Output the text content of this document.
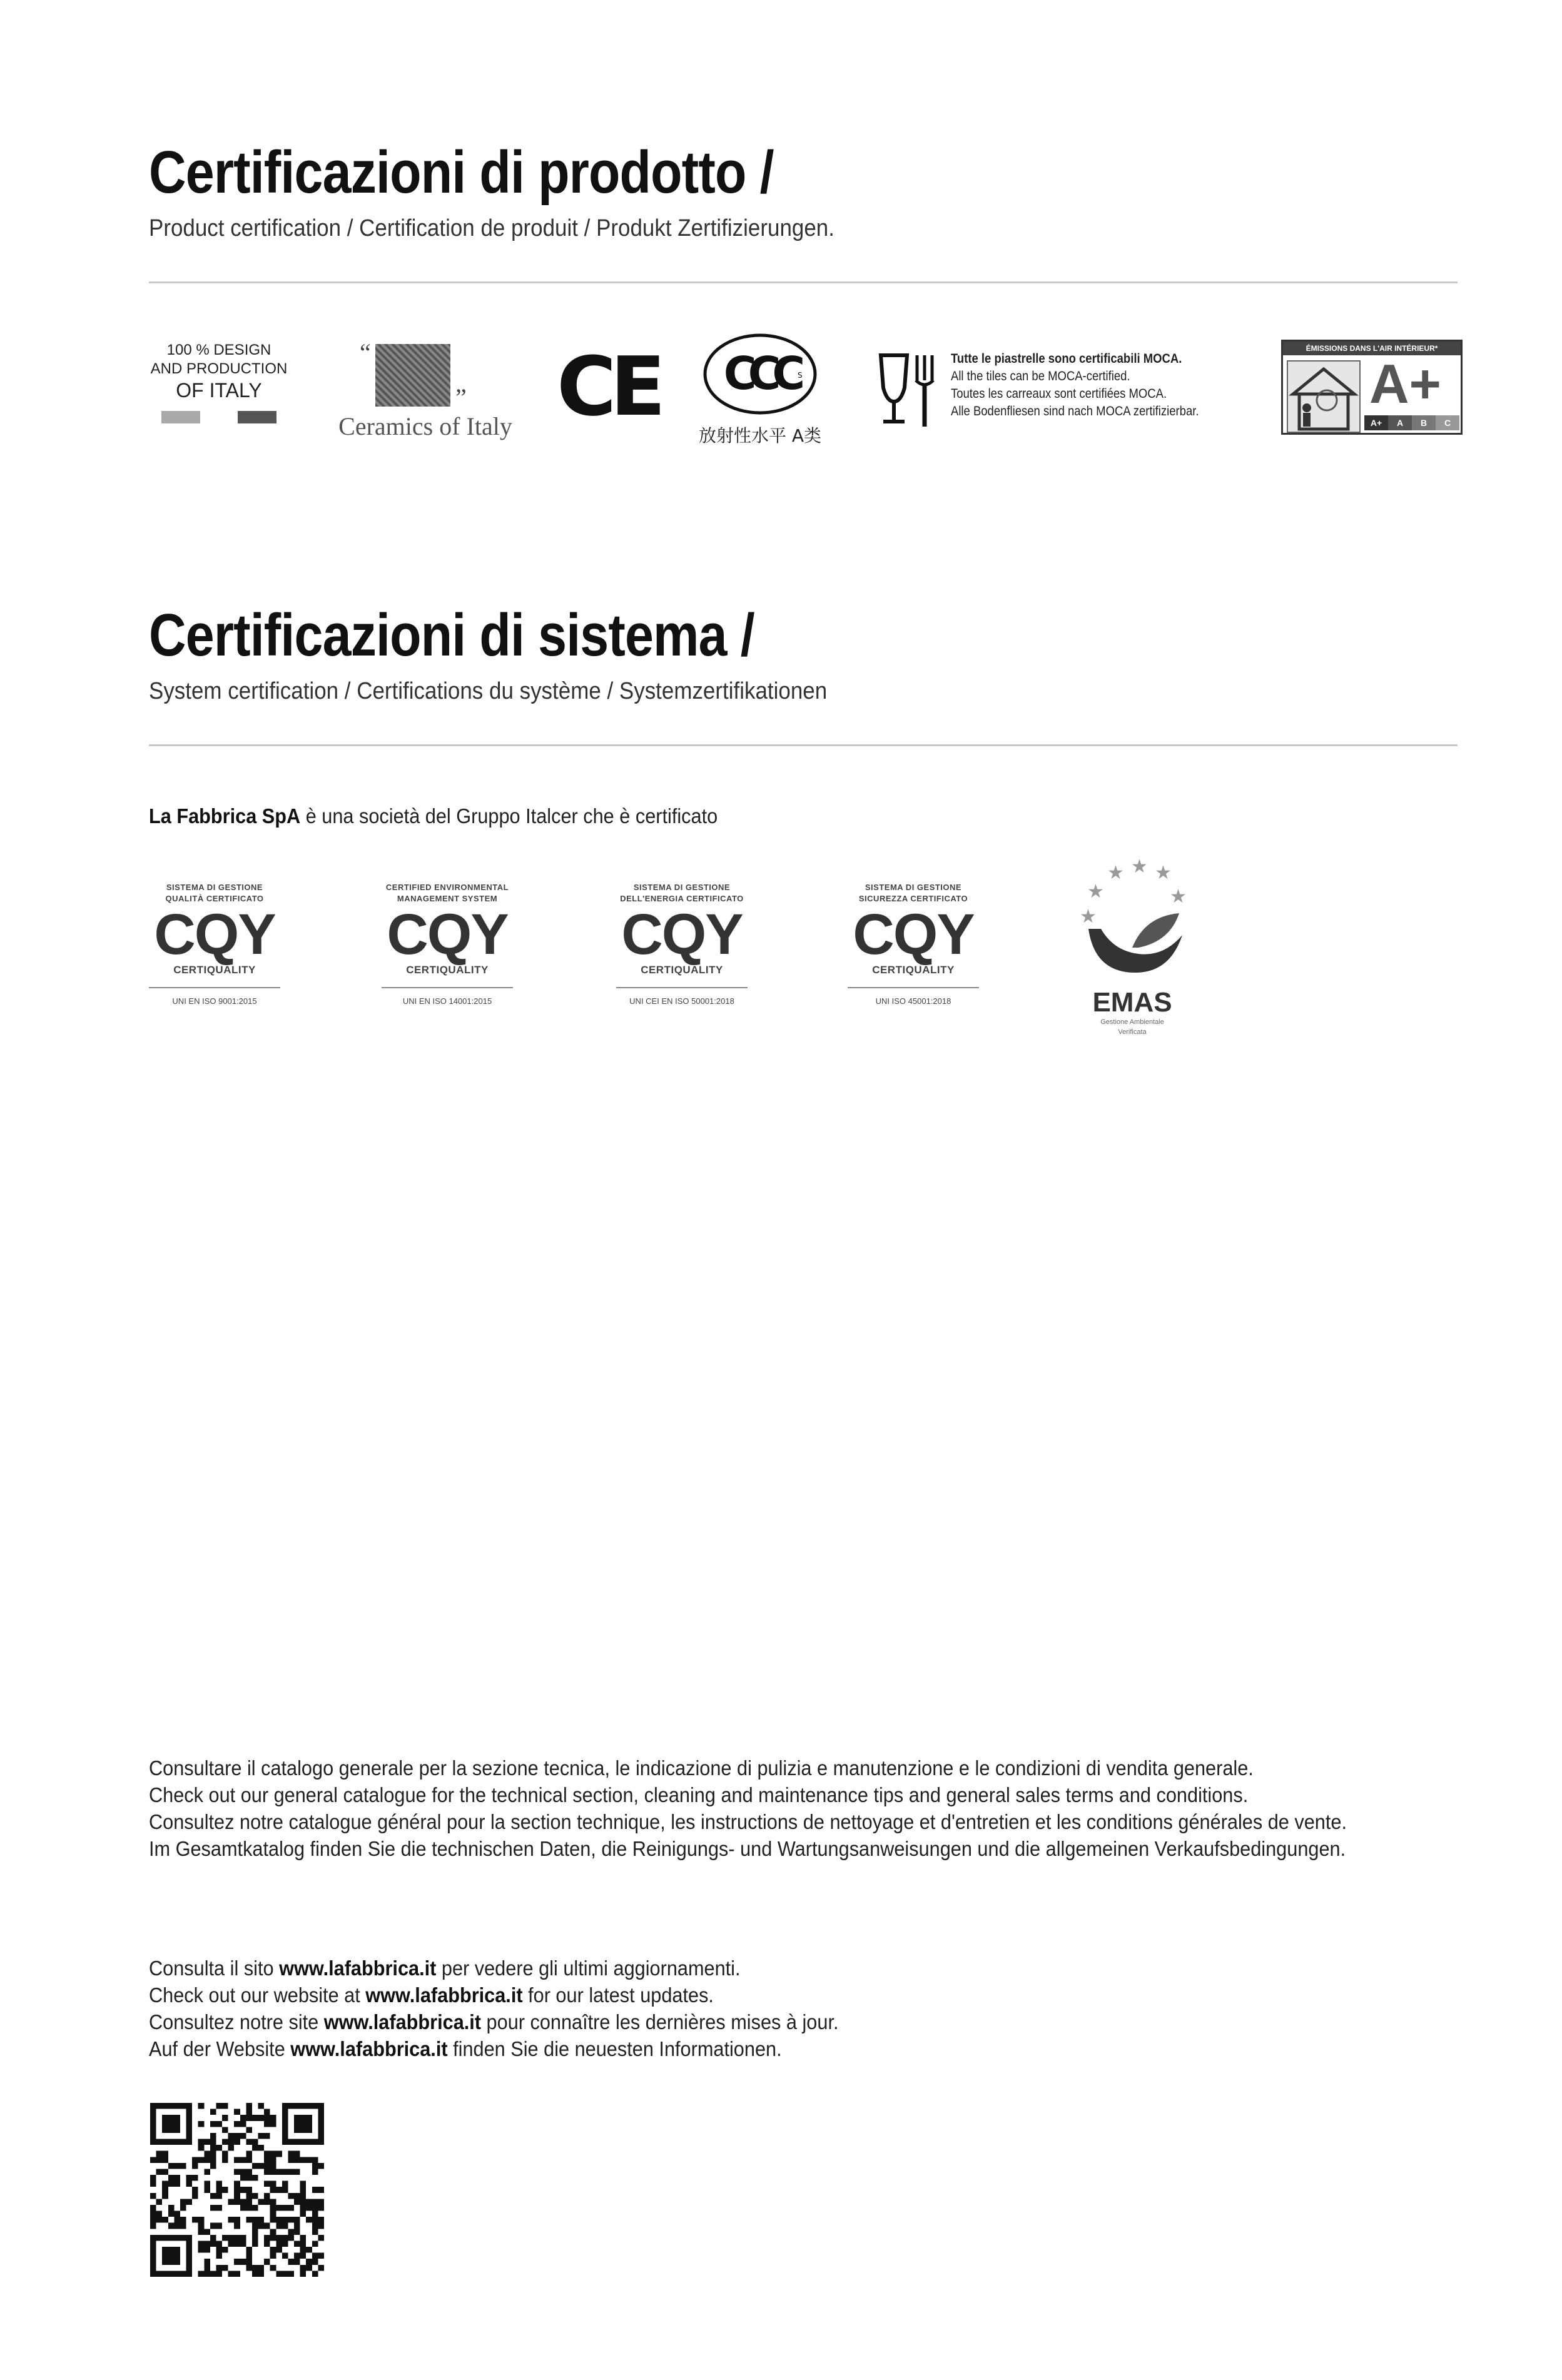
Certificazioni di prodotto /
Product certification / Certification de produit / Produkt Zertifizierungen.
100 % DESIGN
AND PRODUCTION
OF ITALY
“
”
Ceramics of Italy CE CCC S
放射性水平 A类
Tutte le piastrelle sono certificabili MOCA.
All the tiles can be MOCA-certified.
Toutes les carreaux sont certifiées MOCA.
Alle Bodenfliesen sind nach MOCA zertifizierbar.
ÉMISSIONS DANS L'AIR INTÉRIEUR*
A+
A+	A	B	C
Certificazioni di sistema /
System certification / Certifications du système / Systemzertifikationen
La Fabbrica SpA è una società del Gruppo Italcer che è certificato
SISTEMA DI GESTIONE
QUALITÀ CERTIFICATO
CQY
CERTIQUALITY
UNI EN ISO 9001:2015
CERTIFIED ENVIRONMENTAL
MANAGEMENT SYSTEM
CQY
CERTIQUALITY
UNI EN ISO 14001:2015
SISTEMA DI GESTIONE
DELL'ENERGIA CERTIFICATO
CQY
CERTIQUALITY
UNI CEI EN ISO 50001:2018
SISTEMA DI GESTIONE
SICUREZZA CERTIFICATO
CQY
CERTIQUALITY
UNI ISO 45001:2018
★ ★ ★
★	★
★
EMAS
Gestione Ambientale
Verificata
Consultare il catalogo generale per la sezione tecnica, le indicazione di pulizia e manutenzione e le condizioni di vendita generale.
Check out our general catalogue for the technical section, cleaning and maintenance tips and general sales terms and conditions.
Consultez notre catalogue général pour la section technique, les instructions de nettoyage et d'entretien et les conditions générales de vente.
Im Gesamtkatalog finden Sie die technischen Daten, die Reinigungs- und Wartungsanweisungen und die allgemeinen Verkaufsbedingungen.
Consulta il sito www.lafabbrica.it per vedere gli ultimi aggiornamenti.
Check out our website at www.lafabbrica.it for our latest updates.
Consultez notre site www.lafabbrica.it pour connaître les dernières mises à jour.
Auf der Website www.lafabbrica.it finden Sie die neuesten Informationen.
